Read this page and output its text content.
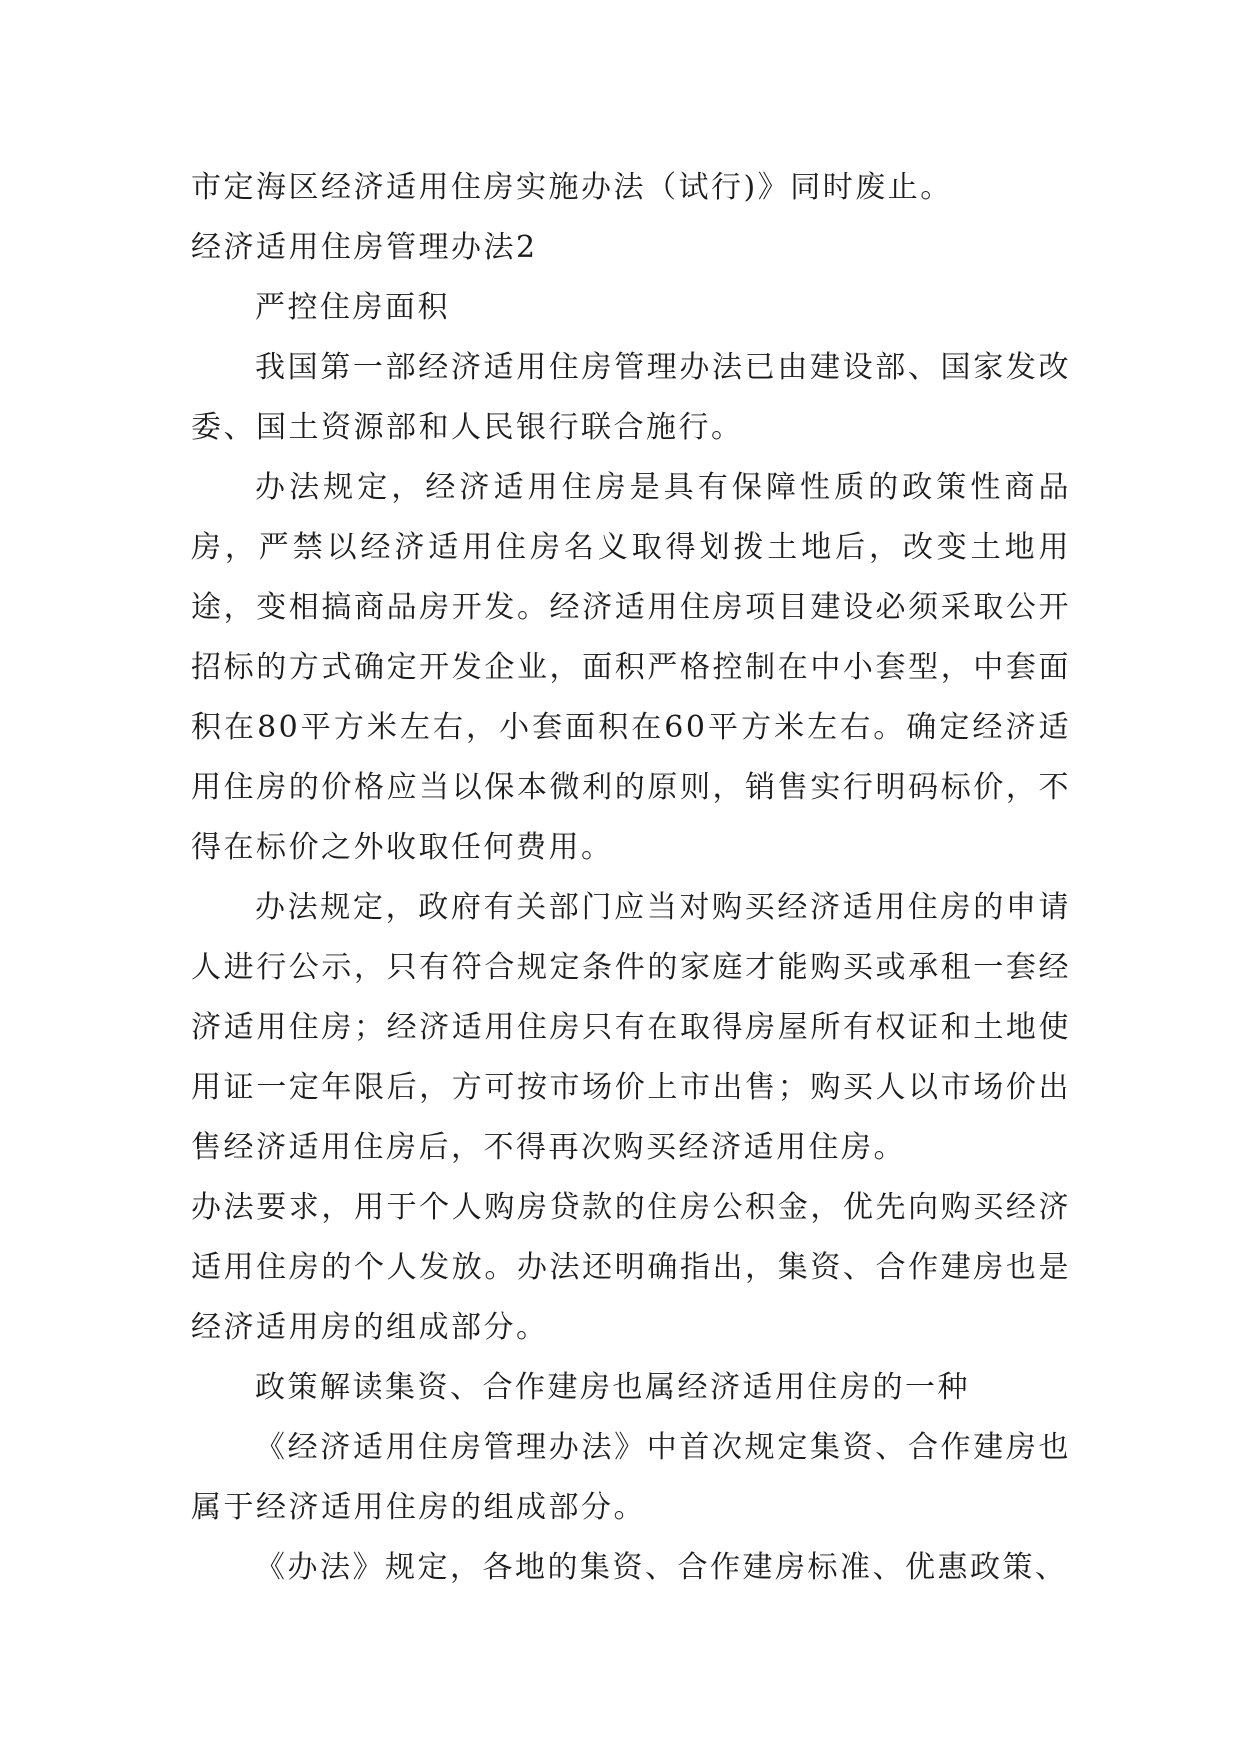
市定海区经济适用住房实施办法（试行)》同时废止。

经济适用住房管理办法2

严控住房面积

我国第一部经济适用住房管理办法已由建设部、国家发改委、国土资源部和人民银行联合施行。

办法规定，经济适用住房是具有保障性质的政策性商品房，严禁以经济适用住房名义取得划拨土地后，改变土地用途，变相搞商品房开发。经济适用住房项目建设必须采取公开招标的方式确定开发企业，面积严格控制在中小套型，中套面积在80平方米左右，小套面积在60平方米左右。确定经济适用住房的价格应当以保本微利的原则，销售实行明码标价，不得在标价之外收取任何费用。

办法规定，政府有关部门应当对购买经济适用住房的申请人进行公示，只有符合规定条件的家庭才能购买或承租一套经济适用住房；经济适用住房只有在取得房屋所有权证和土地使用证一定年限后，方可按市场价上市出售；购买人以市场价出售经济适用住房后，不得再次购买经济适用住房。

办法要求，用于个人购房贷款的住房公积金，优先向购买经济适用住房的个人发放。办法还明确指出，集资、合作建房也是经济适用房的组成部分。

政策解读集资、合作建房也属经济适用住房的一种

《经济适用住房管理办法》中首次规定集资、合作建房也属于经济适用住房的组成部分。

《办法》规定，各地的集资、合作建房标准、优惠政策、
